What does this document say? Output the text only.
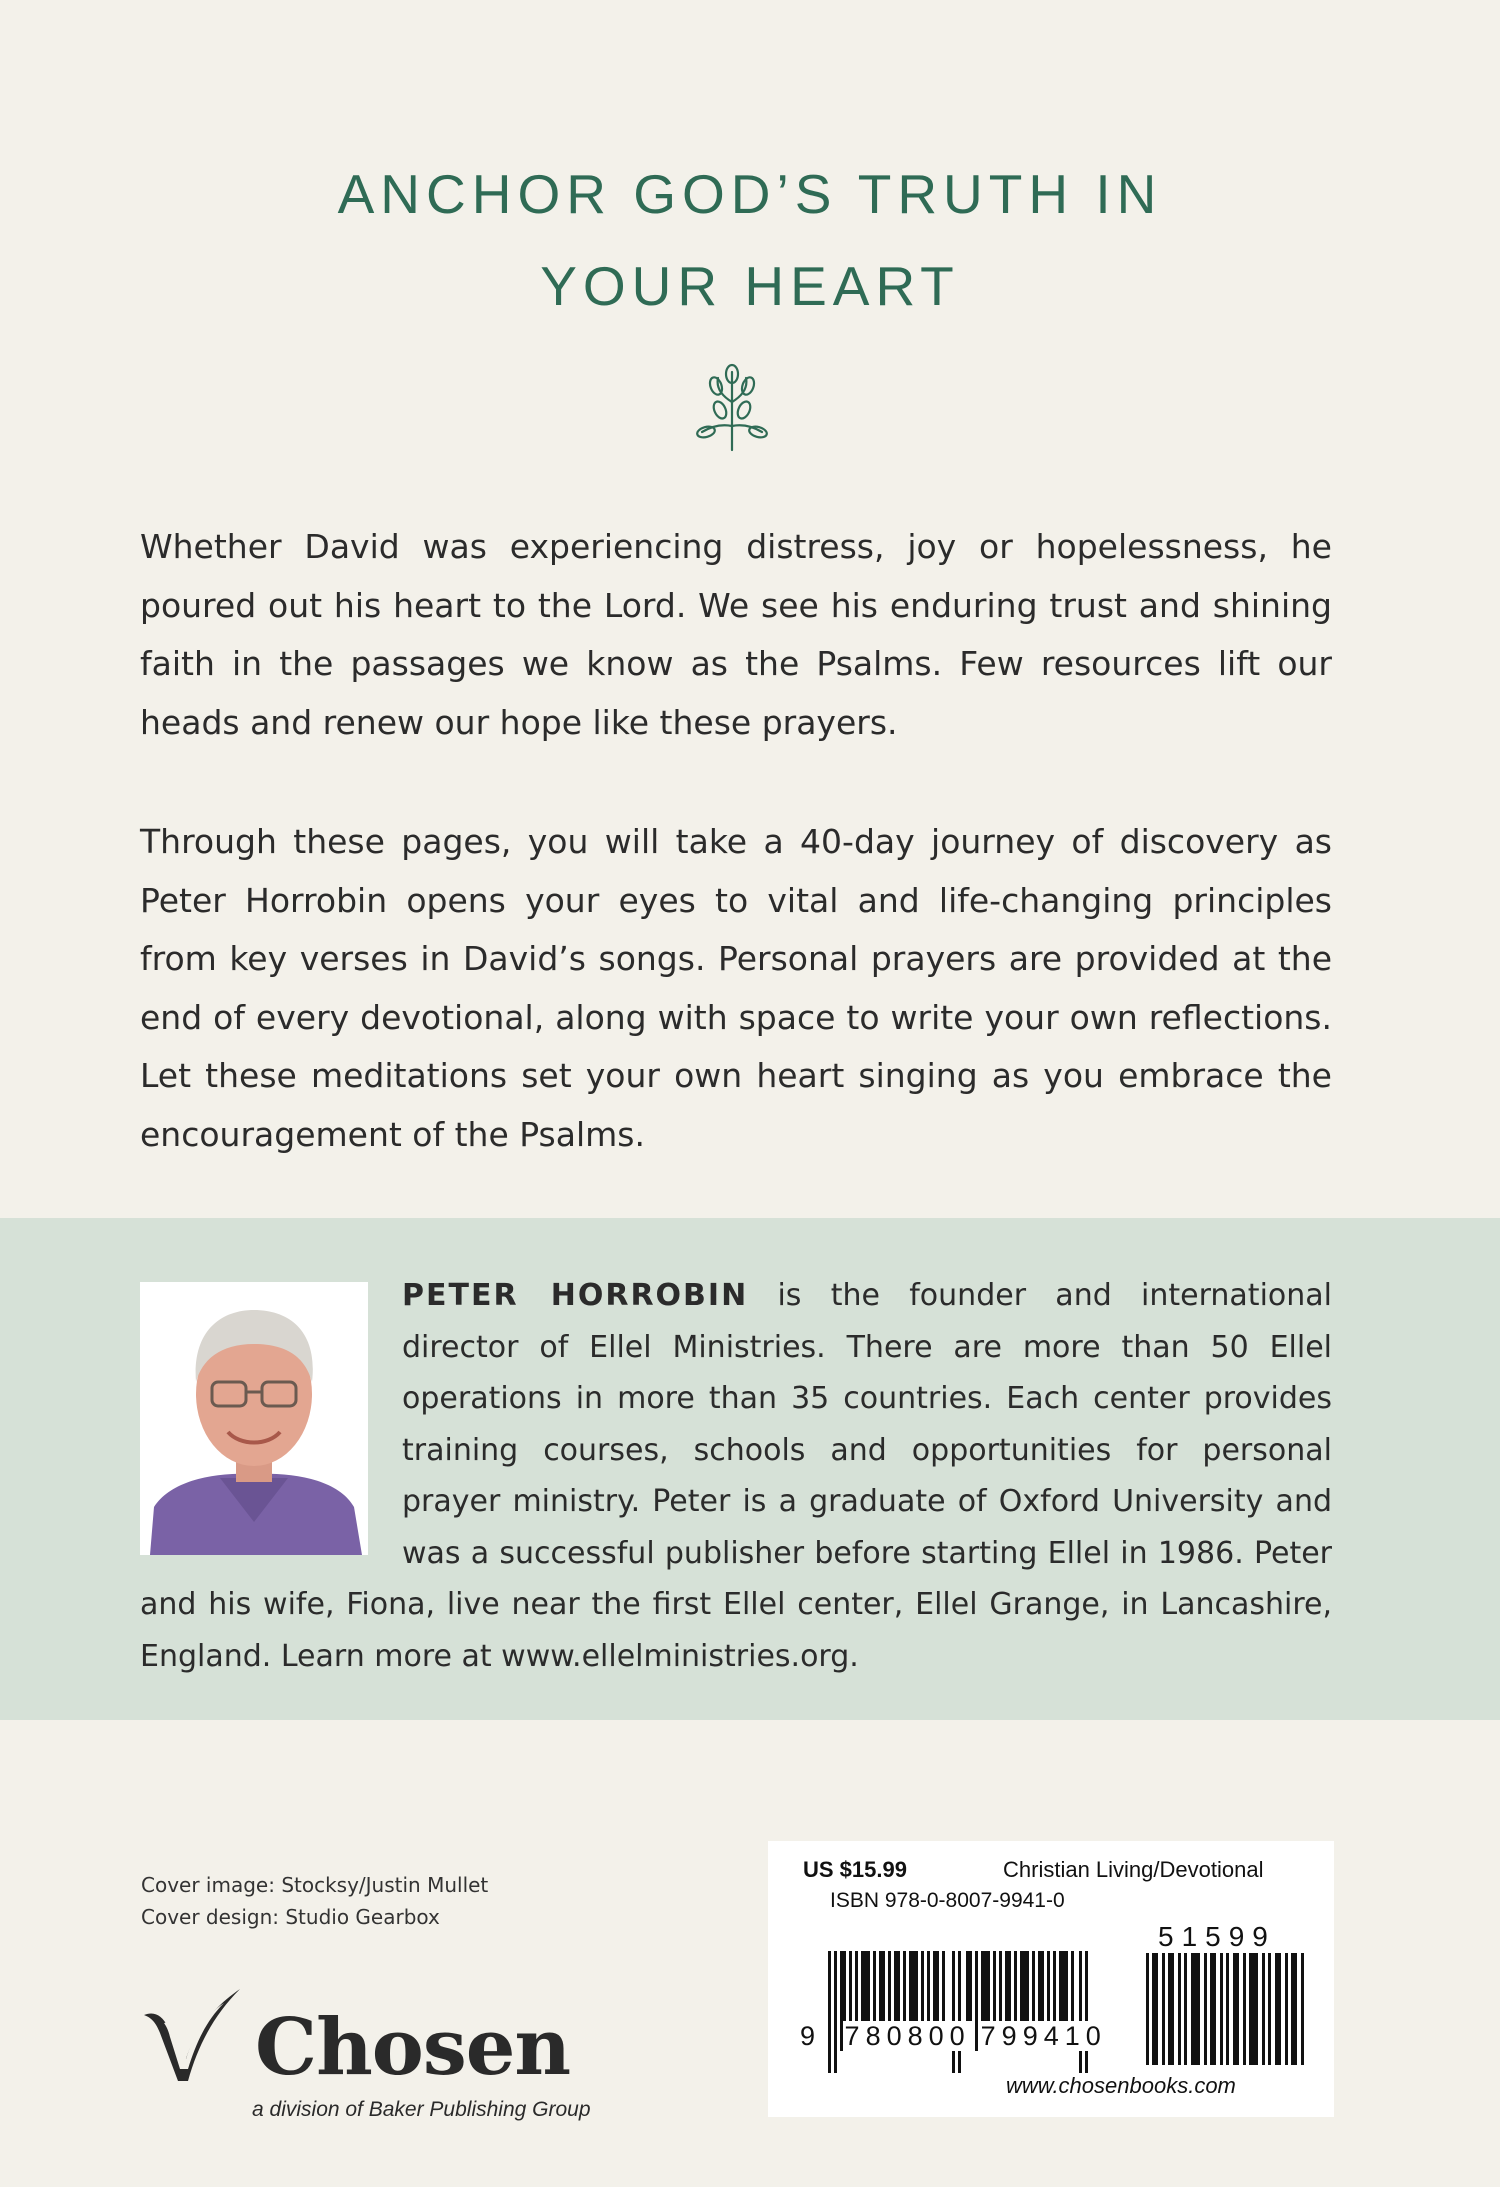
ANCHOR GOD’S TRUTH IN
YOUR HEART

Whether David was experiencing distress, joy or hopelessness, he poured out his heart to the Lord. We see his enduring trust and shining faith in the passages we know as the Psalms. Few resources lift our heads and renew our hope like these prayers.

Through these pages, you will take a 40-day journey of discovery as Peter Horrobin opens your eyes to vital and life-changing principles from key verses in David’s songs. Personal prayers are provided at the end of every devotional, along with space to write your own reflections. Let these meditations set your own heart singing as you embrace the encouragement of the Psalms.

PETER HORROBIN is the founder and international director of Ellel Ministries. There are more than 50 Ellel operations in more than 35 countries. Each center provides training courses, schools and opportunities for personal prayer ministry. Peter is a graduate of Oxford University and was a successful publisher before starting Ellel in 1986. Peter and his wife, Fiona, live near the first Ellel center, Ellel Grange, in Lancashire, England. Learn more at www.ellelministries.org.

Cover image: Stocksy/Justin Mullet
Cover design: Studio Gearbox
Chosen
a division of Baker Publishing Group
US $15.99	Christian Living/Devotional
ISBN 978-0-8007-9941-0
51599
9 780800 799410
www.chosenbooks.com
